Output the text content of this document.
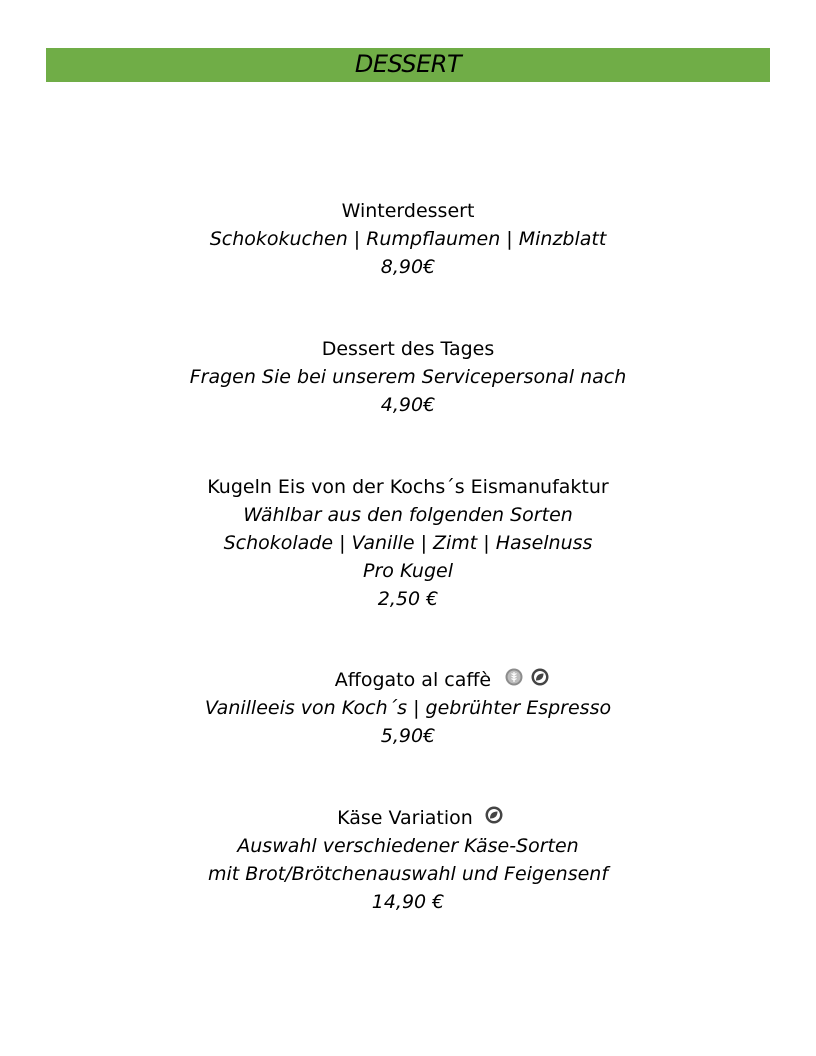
DESSERT
Winterdessert
Schokokuchen | Rumpflaumen | Minzblatt
8,90€
Dessert des Tages
Fragen Sie bei unserem Servicepersonal nach
4,90€
Kugeln Eis von der Kochs´s Eismanufaktur
Wählbar aus den folgenden Sorten
Schokolade | Vanille | Zimt | Haselnuss
Pro Kugel
2,50 €
Affogato al caffè

Vanilleeis von Koch´s | gebrühter Espresso
5,90€
Käse Variation
Auswahl verschiedener Käse-Sorten
mit Brot/Brötchenauswahl und Feigensenf
14,90 €
